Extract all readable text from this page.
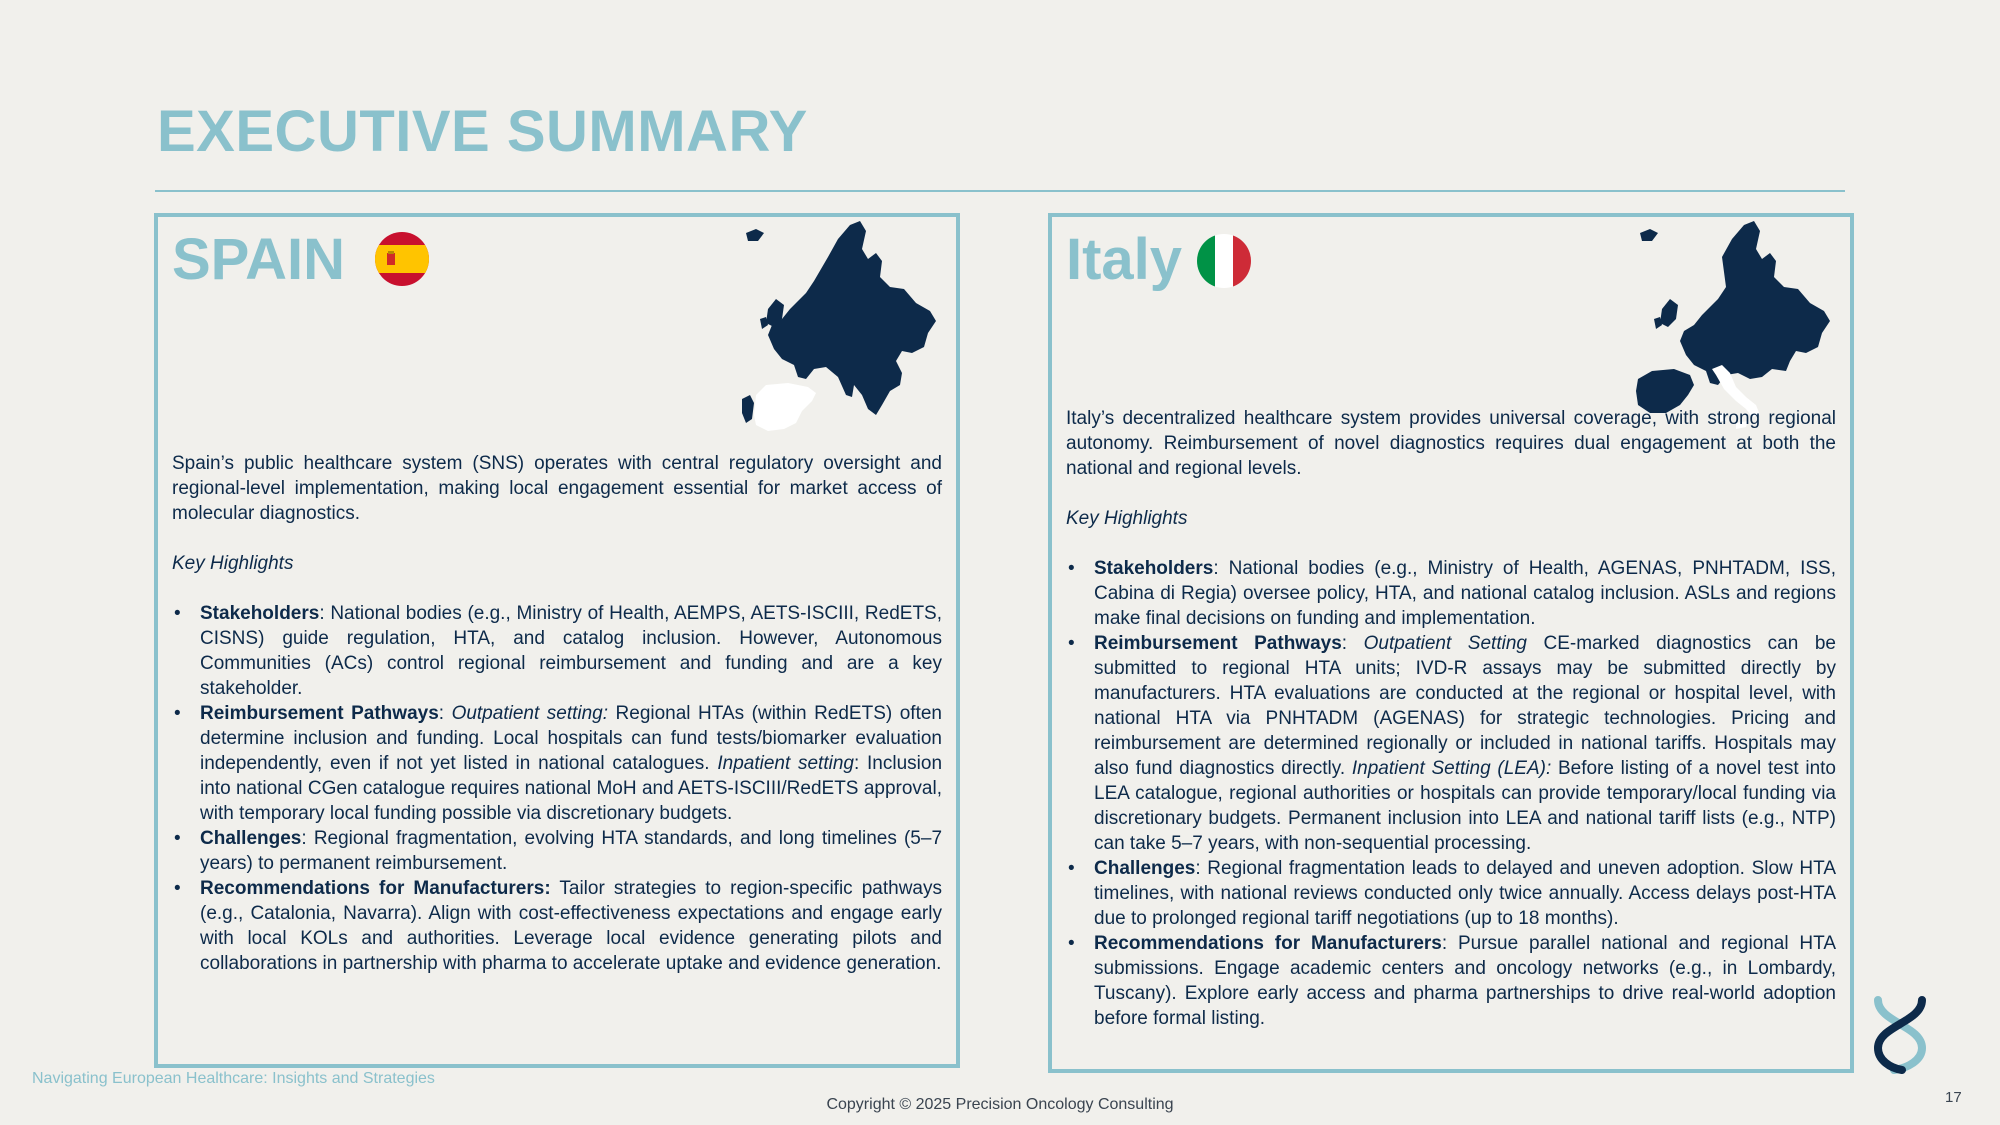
EXECUTIVE SUMMARY
SPAIN

Spain’s public healthcare system (SNS) operates with central regulatory oversight and regional-level implementation, making local engagement essential for market access of molecular diagnostics.

Key Highlights

• Stakeholders: National bodies (e.g., Ministry of Health, AEMPS, AETS-ISCIII, RedETS, CISNS) guide regulation, HTA, and catalog inclusion. However, Autonomous Communities (ACs) control regional reimbursement and funding and are a key stakeholder.
• Reimbursement Pathways: Outpatient setting: Regional HTAs (within RedETS) often determine inclusion and funding. Local hospitals can fund tests/biomarker evaluation independently, even if not yet listed in national catalogues. Inpatient setting: Inclusion into national CGen catalogue requires national MoH and AETS-ISCIII/RedETS approval, with temporary local funding possible via discretionary budgets.
• Challenges: Regional fragmentation, evolving HTA standards, and long timelines (5–7 years) to permanent reimbursement.
• Recommendations for Manufacturers: Tailor strategies to region-specific pathways (e.g., Catalonia, Navarra). Align with cost-effectiveness expectations and engage early with local KOLs and authorities. Leverage local evidence generating pilots and collaborations in partnership with pharma to accelerate uptake and evidence generation.
Italy

Italy’s decentralized healthcare system provides universal coverage, with strong regional autonomy. Reimbursement of novel diagnostics requires dual engagement at both the national and regional levels.

Key Highlights

• Stakeholders: National bodies (e.g., Ministry of Health, AGENAS, PNHTADM, ISS, Cabina di Regia) oversee policy, HTA, and national catalog inclusion. ASLs and regions make final decisions on funding and implementation.
• Reimbursement Pathways: Outpatient Setting CE-marked diagnostics can be submitted to regional HTA units; IVD-R assays may be submitted directly by manufacturers. HTA evaluations are conducted at the regional or hospital level, with national HTA via PNHTADM (AGENAS) for strategic technologies. Pricing and reimbursement are determined regionally or included in national tariffs. Hospitals may also fund diagnostics directly. Inpatient Setting (LEA): Before listing of a novel test into LEA catalogue, regional authorities or hospitals can provide temporary/local funding via discretionary budgets. Permanent inclusion into LEA and national tariff lists (e.g., NTP) can take 5–7 years, with non-sequential processing.
• Challenges: Regional fragmentation leads to delayed and uneven adoption. Slow HTA timelines, with national reviews conducted only twice annually. Access delays post-HTA due to prolonged regional tariff negotiations (up to 18 months).
• Recommendations for Manufacturers: Pursue parallel national and regional HTA submissions. Engage academic centers and oncology networks (e.g., in Lombardy, Tuscany). Explore early access and pharma partnerships to drive real-world adoption before formal listing.
Navigating European Healthcare: Insights and Strategies
Copyright © 2025 Precision Oncology Consulting	17
